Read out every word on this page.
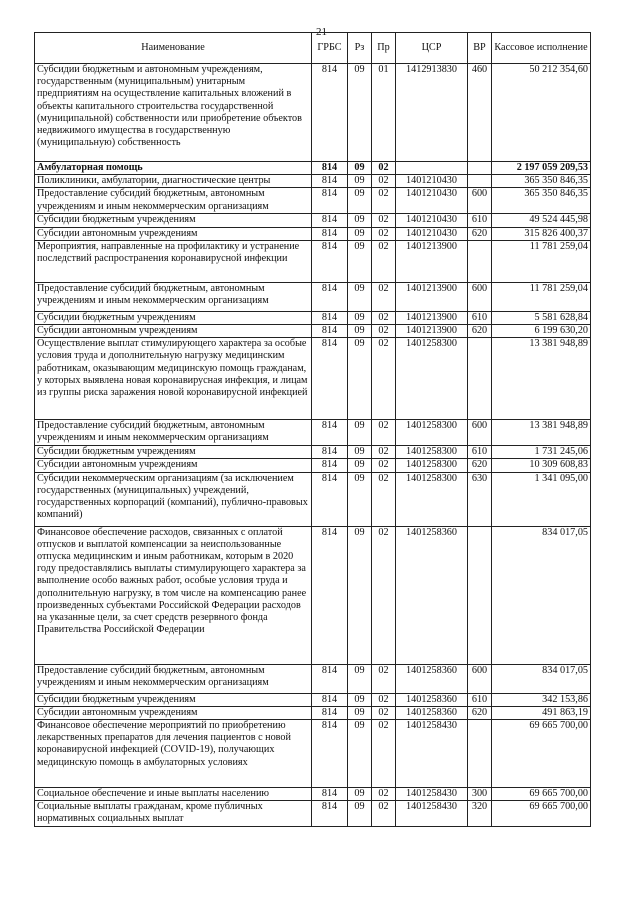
21
Наименование	ГРБС	Рз	Пр	ЦСР	ВР	Кассовое исполнение
Субсидии бюджетным и автономным учреждениям, государственным (муниципальным) унитарным предприятиям на осуществление капитальных вложений в объекты капитального строительства государственной (муниципальной) собственности или приобретение объектов недвижимого имущества в государственную (муниципальную) собственность	814	09	01	1412913830	460	50 212 354,60
Амбулаторная помощь	814	09	02			2 197 059 209,53
Поликлиники, амбулатории, диагностические центры	814	09	02	1401210430		365 350 846,35
Предоставление субсидий бюджетным, автономным учреждениям и иным некоммерческим организациям	814	09	02	1401210430	600	365 350 846,35
Субсидии бюджетным учреждениям	814	09	02	1401210430	610	49 524 445,98
Субсидии автономным учреждениям	814	09	02	1401210430	620	315 826 400,37
Мероприятия, направленные на профилактику и устранение последствий распространения коронавирусной инфекции	814	09	02	1401213900		11 781 259,04
Предоставление субсидий бюджетным, автономным учреждениям и иным некоммерческим организациям	814	09	02	1401213900	600	11 781 259,04
Субсидии бюджетным учреждениям	814	09	02	1401213900	610	5 581 628,84
Субсидии автономным учреждениям	814	09	02	1401213900	620	6 199 630,20
Осуществление выплат стимулирующего характера за особые условия труда и дополнительную нагрузку медицинским работникам, оказывающим медицинскую помощь гражданам, у которых выявлена новая коронавирусная инфекция, и лицам из группы риска заражения новой коронавирусной инфекцией	814	09	02	1401258300		13 381 948,89
Предоставление субсидий бюджетным, автономным учреждениям и иным некоммерческим организациям	814	09	02	1401258300	600	13 381 948,89
Субсидии бюджетным учреждениям	814	09	02	1401258300	610	1 731 245,06
Субсидии автономным учреждениям	814	09	02	1401258300	620	10 309 608,83
Субсидии некоммерческим организациям (за исключением государственных (муниципальных) учреждений, государственных корпораций (компаний), публично-правовых компаний)	814	09	02	1401258300	630	1 341 095,00
Финансовое обеспечение расходов, связанных с оплатой отпусков и выплатой компенсации за неиспользованные отпуска медицинским и иным работникам, которым в 2020 году предоставлялись выплаты стимулирующего характера за выполнение особо важных работ, особые условия труда и дополнительную нагрузку, в том числе на компенсацию ранее произведенных субъектами Российской Федерации расходов на указанные цели, за счет средств резервного фонда Правительства Российской Федерации	814	09	02	1401258360		834 017,05
Предоставление субсидий бюджетным, автономным учреждениям и иным некоммерческим организациям	814	09	02	1401258360	600	834 017,05
Субсидии бюджетным учреждениям	814	09	02	1401258360	610	342 153,86
Субсидии автономным учреждениям	814	09	02	1401258360	620	491 863,19
Финансовое обеспечение мероприятий по приобретению лекарственных препаратов для лечения пациентов с новой коронавирусной инфекцией (COVID-19), получающих медицинскую помощь в амбулаторных условиях	814	09	02	1401258430		69 665 700,00
Социальное обеспечение и иные выплаты населению	814	09	02	1401258430	300	69 665 700,00
Социальные выплаты гражданам, кроме публичных нормативных социальных выплат	814	09	02	1401258430	320	69 665 700,00
